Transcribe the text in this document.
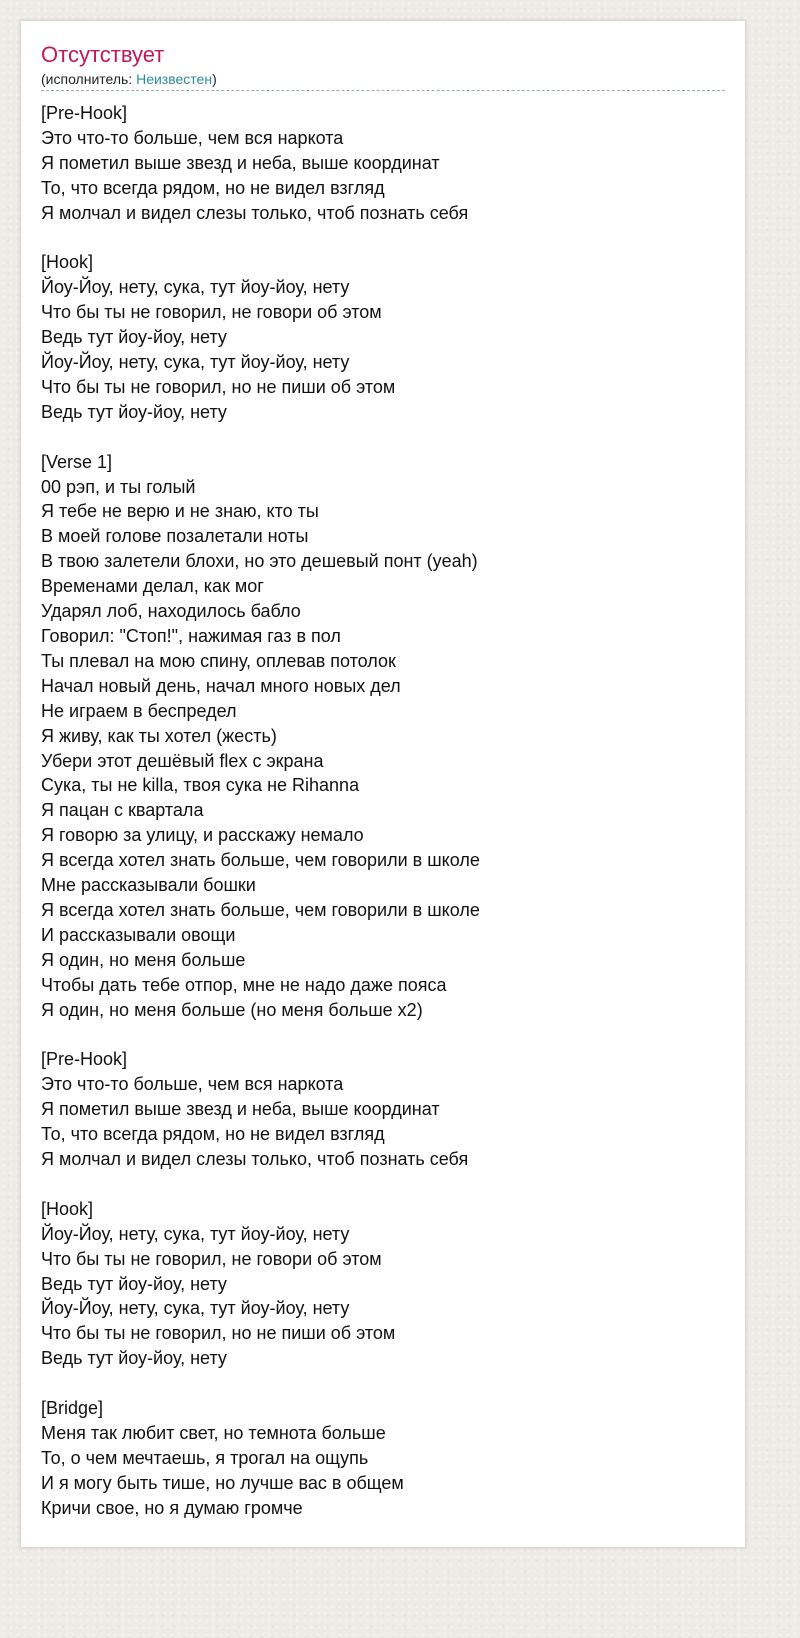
Отсутствует
(исполнитель: Неизвестен)
[Pre-Hook]
Это что-то больше, чем вся наркота
Я пометил выше звезд и неба, выше координат
То, что всегда рядом, но не видел взгляд
Я молчал и видел слезы только, чтоб познать себя
[Hook]
Йоу-Йоу, нету, сука, тут йоу-йоу, нету
Что бы ты не говорил, не говори об этом
Ведь тут йоу-йоу, нету
Йоу-Йоу, нету, сука, тут йоу-йоу, нету
Что бы ты не говорил, но не пиши об этом
Ведь тут йоу-йоу, нету
[Verse 1]
00 рэп, и ты голый
Я тебе не верю и не знаю, кто ты
В моей голове позалетали ноты
В твою залетели блохи, но это дешевый понт (yeah)
Временами делал, как мог
Ударял лоб, находилось бабло
Говорил: "Стоп!", нажимая газ в пол
Ты плевал на мою спину, оплевав потолок
Начал новый день, начал много новых дел
Не играем в беспредел
Я живу, как ты хотел (жесть)
Убери этот дешёвый flex с экрана
Сука, ты не killa, твоя сука не Rihanna
Я пацан с квартала
Я говорю за улицу, и расскажу немало
Я всегда хотел знать больше, чем говорили в школе
Мне рассказывали бошки
Я всегда хотел знать больше, чем говорили в школе
И рассказывали овощи
Я один, но меня больше
Чтобы дать тебе отпор, мне не надо даже пояса
Я один, но меня больше (но меня больше x2)
[Pre-Hook]
Это что-то больше, чем вся наркота
Я пометил выше звезд и неба, выше координат
То, что всегда рядом, но не видел взгляд
Я молчал и видел слезы только, чтоб познать себя
[Hook]
Йоу-Йоу, нету, сука, тут йоу-йоу, нету
Что бы ты не говорил, не говори об этом
Ведь тут йоу-йоу, нету
Йоу-Йоу, нету, сука, тут йоу-йоу, нету
Что бы ты не говорил, но не пиши об этом
Ведь тут йоу-йоу, нету
[Bridge]
Меня так любит свет, но темнота больше
То, о чем мечтаешь, я трогал на ощупь
И я могу быть тише, но лучше вас в общем
Кричи свое, но я думаю громче
